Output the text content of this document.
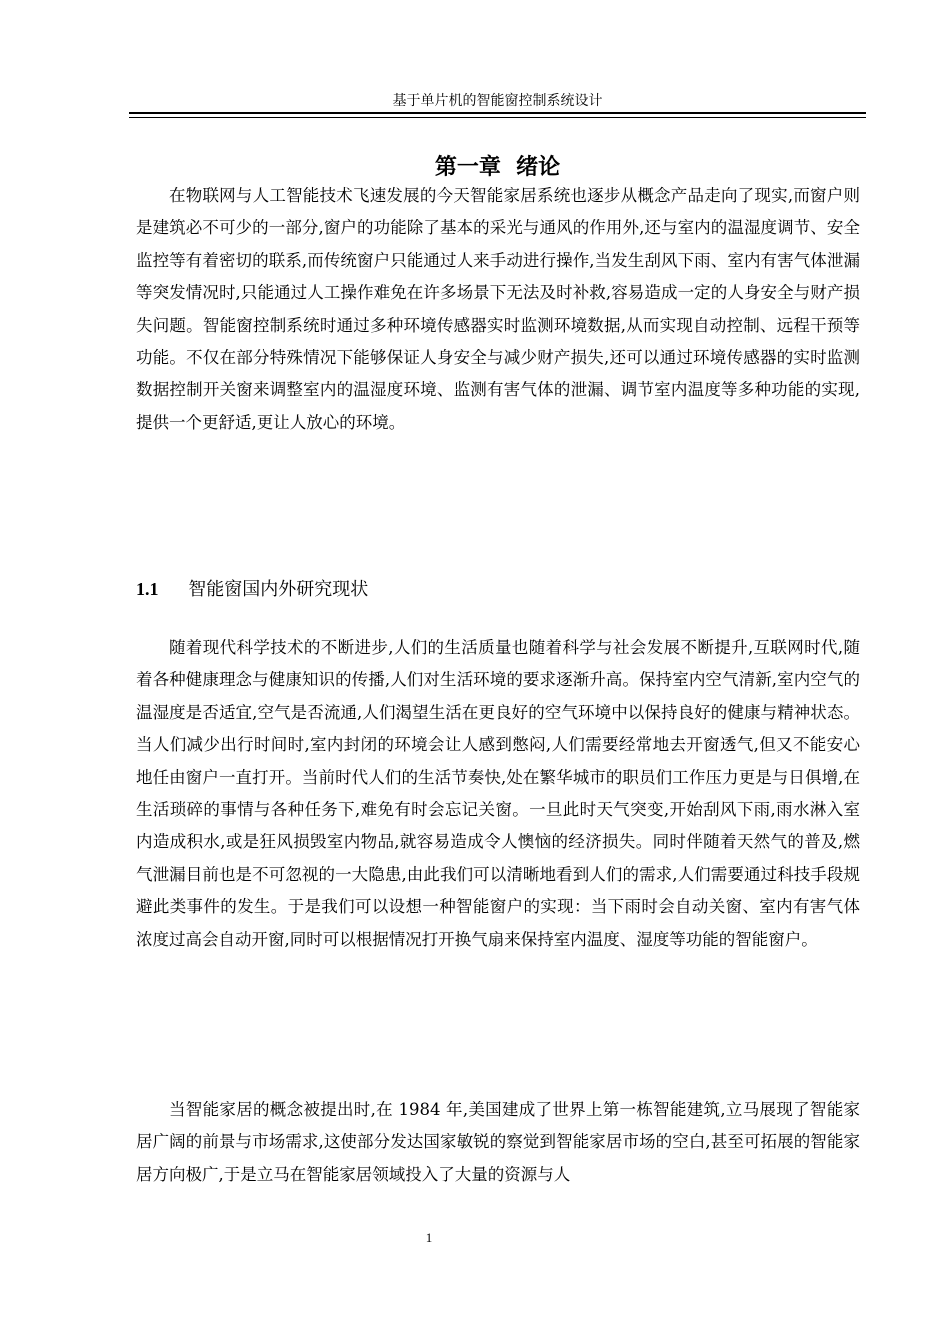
基于单片机的智能窗控制系统设计
第一章  绪论

在物联网与人工智能技术飞速发展的今天智能家居系统也逐步从概念产品走向了现实,而窗户则是建筑必不可少的一部分,窗户的功能除了基本的采光与通风的作用外,还与室内的温湿度调节、安全监控等有着密切的联系,而传统窗户只能通过人来手动进行操作,当发生刮风下雨、室内有害气体泄漏等突发情况时,只能通过人工操作难免在许多场景下无法及时补救,容易造成一定的人身安全与财产损失问题。智能窗控制系统时通过多种环境传感器实时监测环境数据,从而实现自动控制、远程干预等功能。不仅在部分特殊情况下能够保证人身安全与减少财产损失,还可以通过环境传感器的实时监测数据控制开关窗来调整室内的温湿度环境、监测有害气体的泄漏、调节室内温度等多种功能的实现,提供一个更舒适,更让人放心的环境。

1.1 智能窗国内外研究现状

随着现代科学技术的不断进步,人们的生活质量也随着科学与社会发展不断提升,互联网时代,随着各种健康理念与健康知识的传播,人们对生活环境的要求逐渐升高。保持室内空气清新,室内空气的温湿度是否适宜,空气是否流通,人们渴望生活在更良好的空气环境中以保持良好的健康与精神状态。当人们减少出行时间时,室内封闭的环境会让人感到憋闷,人们需要经常地去开窗透气,但又不能安心地任由窗户一直打开。当前时代人们的生活节奏快,处在繁华城市的职员们工作压力更是与日俱增,在生活琐碎的事情与各种任务下,难免有时会忘记关窗。一旦此时天气突变,开始刮风下雨,雨水淋入室内造成积水,或是狂风损毁室内物品,就容易造成令人懊恼的经济损失。同时伴随着天然气的普及,燃气泄漏目前也是不可忽视的一大隐患,由此我们可以清晰地看到人们的需求,人们需要通过科技手段规避此类事件的发生。于是我们可以设想一种智能窗户的实现：当下雨时会自动关窗、室内有害气体浓度过高会自动开窗,同时可以根据情况打开换气扇来保持室内温度、湿度等功能的智能窗户。

当智能家居的概念被提出时,在 1984 年,美国建成了世界上第一栋智能建筑,立马展现了智能家居广阔的前景与市场需求,这使部分发达国家敏锐的察觉到智能家居市场的空白,甚至可拓展的智能家居方向极广,于是立马在智能家居领域投入了大量的资源与人

1
